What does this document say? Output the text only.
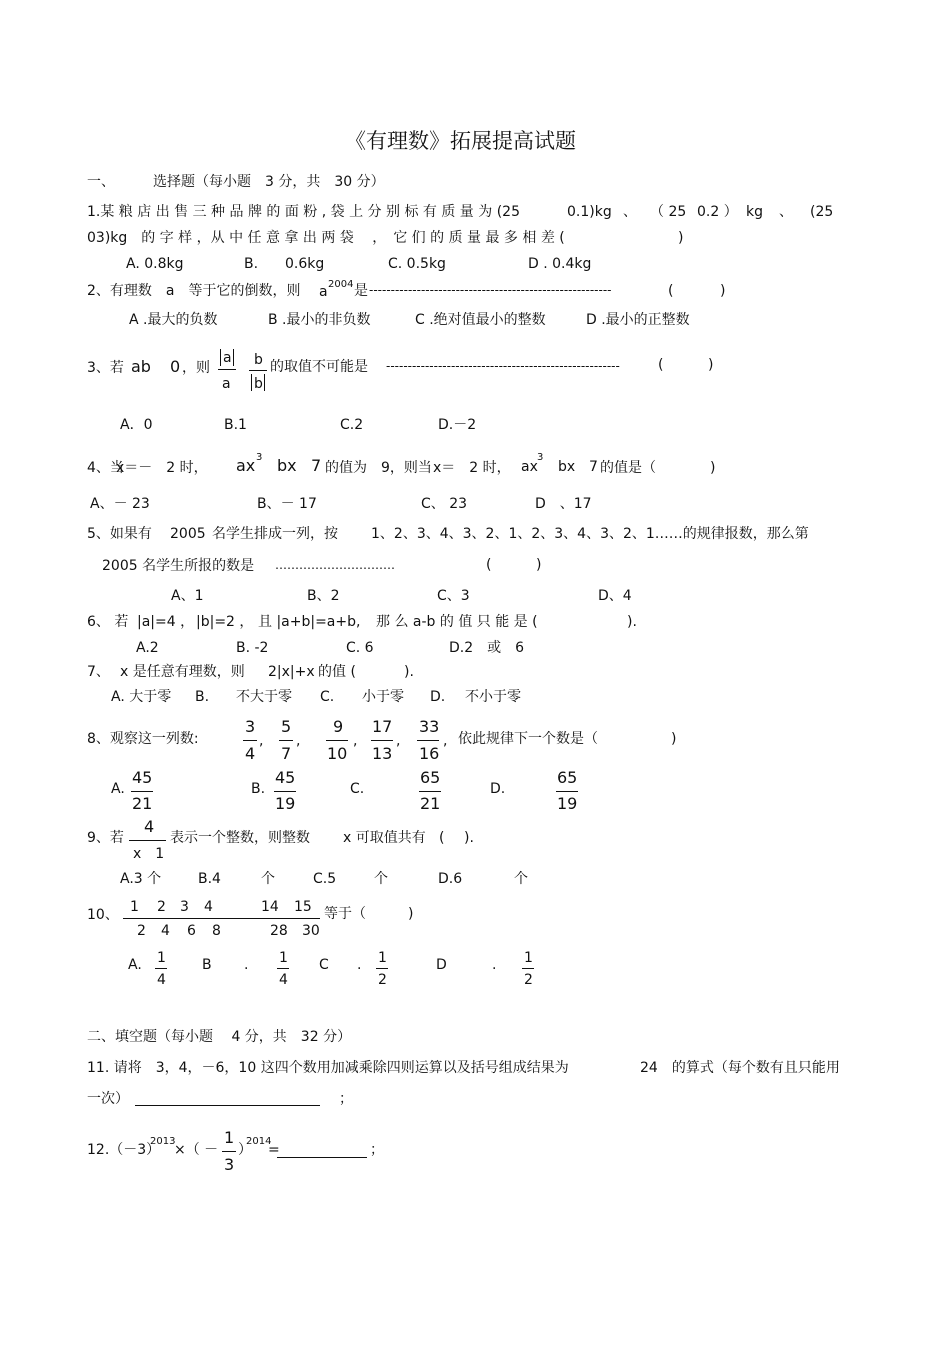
《有理数》拓展提高试题
一、	选择题（每小题　3 分，共　30 分）
1.某 粮 店 出 售 三 种 品 牌 的 面 粉 , 袋 上 分 别 标 有 质 量 为 (25	0.1)kg 、 （ 25 0.2 ） kg 、 (25
03)kg　的 字 样 ，从 中 任 意 拿 出 两 袋　 ，　它 们 的 质 量 最 多 相 差 (	)
A. 0.8kg	B. 0.6kg	C. 0.5kg	D . 0.4kg
2、有理数　a　等于它的倒数，则 a 2004 是 --------------------------------------------------------	(	)
A .最大的负数	B .最小的非负数	C .绝对值最小的整数	D .最小的正整数
3、若 ab 0 ，则
a
a
b
b
的取值不可能是 ------------------------------------------------------	(	)
A．0	B.1	C.2	D.－2
4、当
x＝－　2 时， ax 3 bx 7 的值为　9，则当 x＝　2 时， ax
3
bx 7 的值是（	)
A、－ 23	B、－ 17	C、 23	D　、17
5、如果有 2005 名学生排成一列，按 1、2、3、4、3、2、1、2、3、4、3、2、1……的规律报数，那么第
2005 名学生所报的数是 …………………………	(	)
A、1	B、2	C、3	D、4
6、 若 |a|=4 ， |b|=2 ， 且 |a+b|=a+b, 那 么 a-b 的 值 只 能 是 (	).
A.2	B. -2	C. 6	D.2　或　6
7、 x 是任意有理数，则 2|x|+x 的值 (	).
A. 大于零 B. 不大于零 C. 小于零 D. 不小于零
8、观察这一列数:
3
4
,
5
7
,
9
10
,
17
13
,
33
16
, 依此规律下一个数是（	)
A.
45
21
B.
45
19
C.
65
21
D.
65
19
9、若
4
x　1
表示一个整数，则整数 x 可取值共有 ( ).
A.3 个	B.4	个	C.5	个	D.6	个
10、 1 2 3 4	14 15
2 4 6 8	28 30
等于（	)
A. 1
4
B . 1
4
C . 1
2
D	. 1
2
二、填空题（每小题　 4 分，共　32 分）
11. 请将　3，4，－6，10 这四个数用加减乘除四则运算以及括号组成结果为	24　的算式（每个数有且只能用
一次）	；
12.（－3）
2013
×（ －
1
3
）
2014
=	；
